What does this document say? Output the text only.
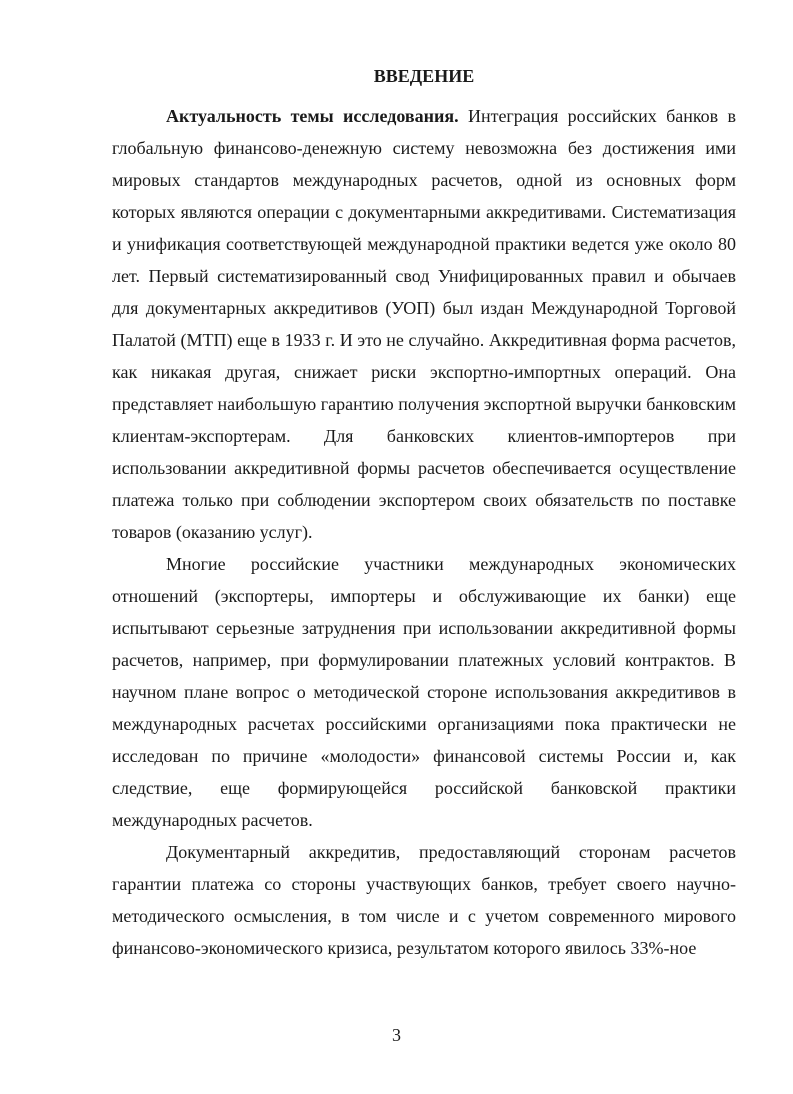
ВВЕДЕНИЕ

Актуальность темы исследования. Интеграция российских банков в глобальную финансово-денежную систему невозможна без достижения ими мировых стандартов международных расчетов, одной из основных форм которых являются операции с документарными аккредитивами. Систематизация и унификация соответствующей международной практики ведется уже около 80 лет. Первый систематизированный свод Унифицированных правил и обычаев для документарных аккредитивов (УОП) был издан Международной Торговой Палатой (МТП) еще в 1933 г. И это не случайно. Аккредитивная форма расчетов, как никакая другая, снижает риски экспортно-импортных операций. Она представляет наибольшую гарантию получения экспортной выручки банковским клиентам-экспортерам. Для банковских клиентов-импортеров при использовании аккредитивной формы расчетов обеспечивается осуществление платежа только при соблюдении экспортером своих обязательств по поставке товаров (оказанию услуг).

Многие российские участники международных экономических отношений (экспортеры, импортеры и обслуживающие их банки) еще испытывают серьезные затруднения при использовании аккредитивной формы расчетов, например, при формулировании платежных условий контрактов. В научном плане вопрос о методической стороне использования аккредитивов в международных расчетах российскими организациями пока практически не исследован по причине «молодости» финансовой системы России и, как следствие, еще формирующейся российской банковской практики международных расчетов.

Документарный аккредитив, предоставляющий сторонам расчетов гарантии платежа со стороны участвующих банков, требует своего научно-методического осмысления, в том числе и с учетом современного мирового финансово-экономического кризиса, результатом которого явилось 33%-ное

3
